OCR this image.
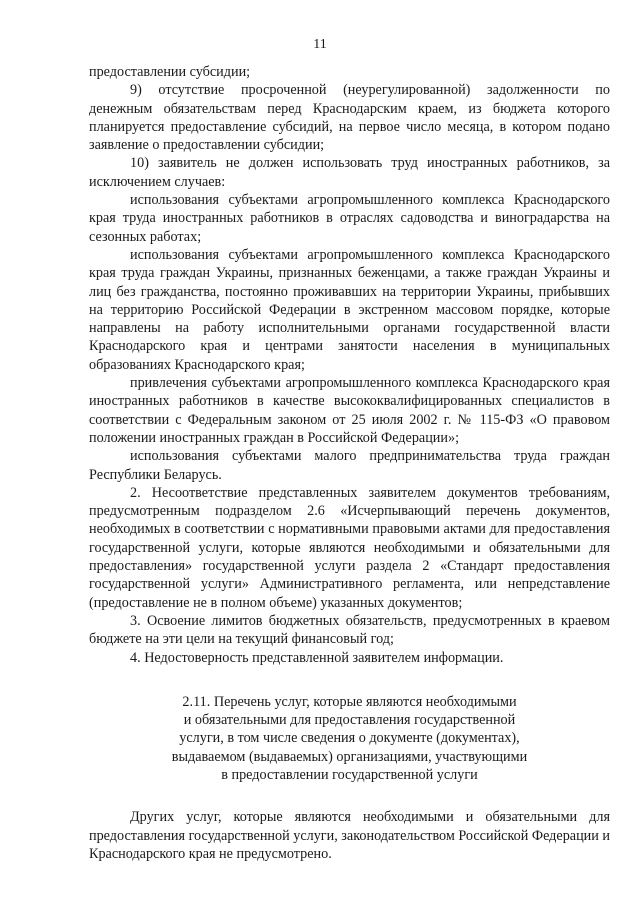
11

предоставлении субсидии;

9) отсутствие просроченной (неурегулированной) задолженности по денежным обязательствам перед Краснодарским краем, из бюджета которого планируется предоставление субсидий, на первое число месяца, в котором подано заявление о предоставлении субсидии;

10) заявитель не должен использовать труд иностранных работников, за исключением случаев:

использования субъектами агропромышленного комплекса Краснодарского края труда иностранных работников в отраслях садоводства и виноградарства на сезонных работах;

использования субъектами агропромышленного комплекса Краснодарского края труда граждан Украины, признанных беженцами, а также граждан Украины и лиц без гражданства, постоянно проживавших на территории Украины, прибывших на территорию Российской Федерации в экстренном массовом порядке, которые направлены на работу исполнительными органами государственной власти Краснодарского края и центрами занятости населения в муниципальных образованиях Краснодарского края;

привлечения субъектами агропромышленного комплекса Краснодарского края иностранных работников в качестве высококвалифицированных специалистов в соответствии с Федеральным законом от 25 июля 2002 г. № 115-ФЗ «О правовом положении иностранных граждан в Российской Федерации»;

использования субъектами малого предпринимательства труда граждан Республики Беларусь.

2. Несоответствие представленных заявителем документов требованиям, предусмотренным подразделом 2.6 «Исчерпывающий перечень документов, необходимых в соответствии с нормативными правовыми актами для предоставления государственной услуги, которые являются необходимыми и обязательными для предоставления» государственной услуги раздела 2 «Стандарт предоставления государственной услуги» Административного регламента, или непредставление (предоставление не в полном объеме) указанных документов;

3. Освоение лимитов бюджетных обязательств, предусмотренных в краевом бюджете на эти цели на текущий финансовый год;

4. Недостоверность представленной заявителем информации.

2.11. Перечень услуг, которые являются необходимыми
и обязательными для предоставления государственной
услуги, в том числе сведения о документе (документах),
выдаваемом (выдаваемых) организациями, участвующими
в предоставлении государственной услуги

Других услуг, которые являются необходимыми и обязательными для предоставления государственной услуги, законодательством Российской Федерации и Краснодарского края не предусмотрено.
